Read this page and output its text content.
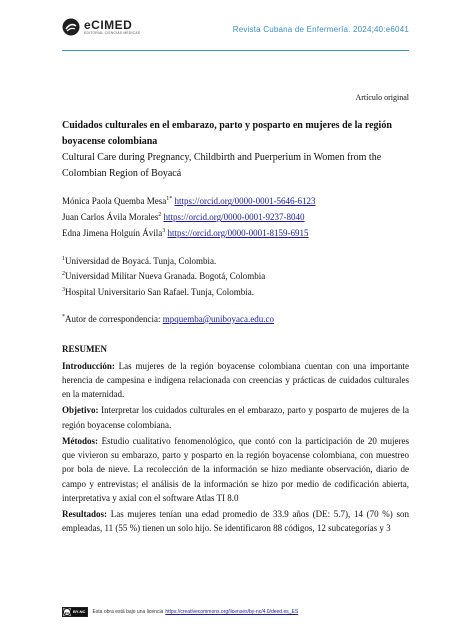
eCIMED
EDITORIAL CIENCIAS MÉDICAS	Revista Cubana de Enfermería. 2024;40:e6041
Artículo original

Cuidados culturales en el embarazo, parto y posparto en mujeres de la región boyacense colombiana

Cultural Care during Pregnancy, Childbirth and Puerperium in Women from the Colombian Region of Boyacá

Mónica Paola Quemba Mesa$^{1*}$ https://orcid.org/0000-0001-5646-6123
Juan Carlos Ávila Morales$^2$ https://orcid.org/0000-0001-9237-8040
Edna Jimena Holguín Ávila$^3$ https://orcid.org/0000-0001-8159-6915
$^1$Universidad de Boyacá. Tunja, Colombia.
$^2$Universidad Militar Nueva Granada. Bogotá, Colombia
$^3$Hospital Universitario San Rafael. Tunja, Colombia.
*Autor de correspondencia: mpquemba@uniboyaca.edu.co
RESUMEN

Introducción: Las mujeres de la región boyacense colombiana cuentan con una importante herencia de campesina e indígena relacionada con creencias y prácticas de cuidados culturales en la maternidad.

Objetivo: Interpretar los cuidados culturales en el embarazo, parto y posparto de mujeres de la región boyacense colombiana.

Métodos: Estudio cualitativo fenomenológico, que contó con la participación de 20 mujeres que vivieron su embarazo, parto y posparto en la región boyacense colombiana, con muestreo por bola de nieve. La recolección de la información se hizo mediante observación, diario de campo y entrevistas; el análisis de la información se hizo por medio de codificación abierta, interpretativa y axial con el software Atlas TI 8.0

Resultados: Las mujeres tenían una edad promedio de 33.9 años (DE: 5.7), 14 (70 %) son empleadas, 11 (55 %) tienen un solo hijo. Se identificaron 88 códigos, 12 subcategorías y 3

cc BY-NC	Esta obra está bajo una licencia https://creativecommons.org/licenses/by-nc/4.0/deed.es_ES
